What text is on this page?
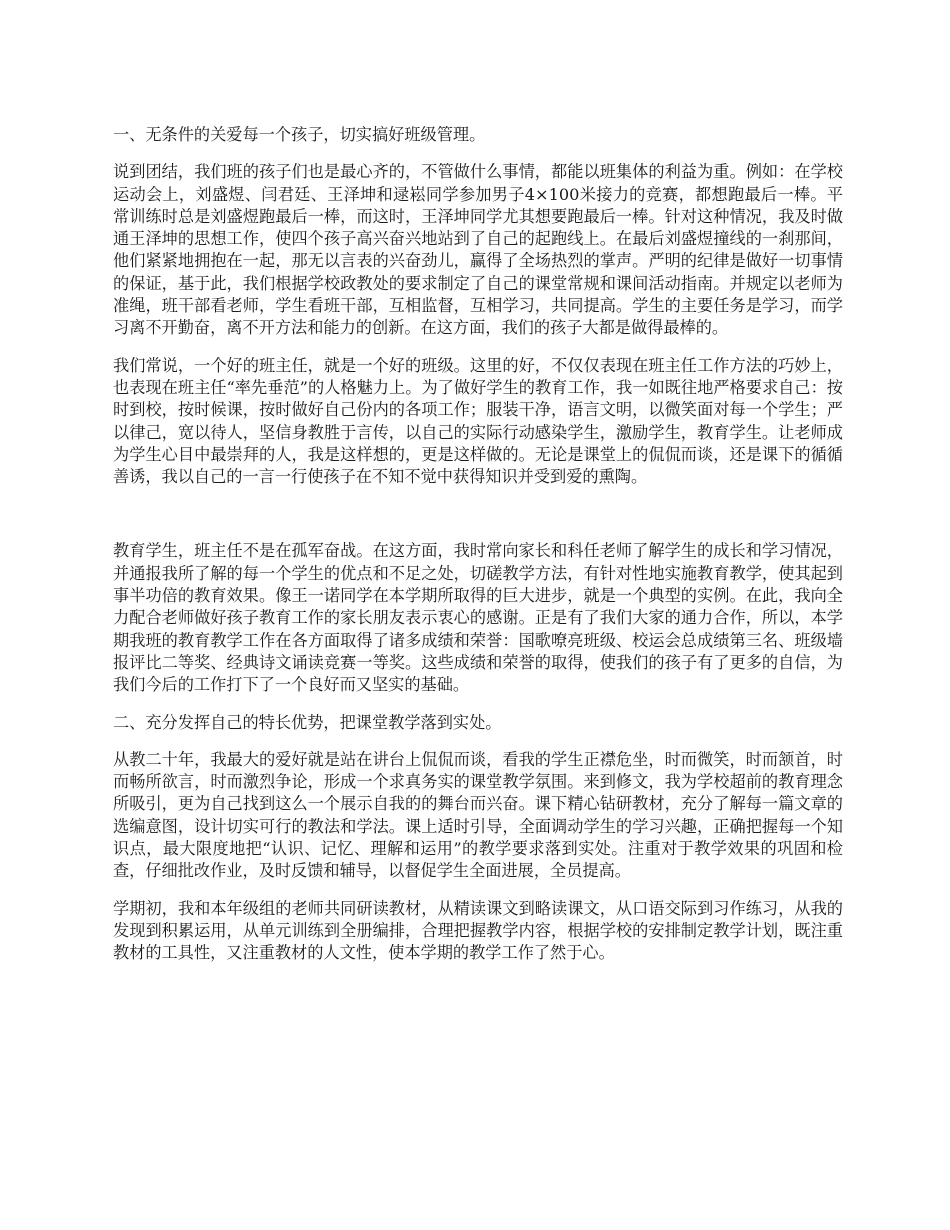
一、无条件的关爱每一个孩子，切实搞好班级管理。

说到团结，我们班的孩子们也是最心齐的，不管做什么事情，都能以班集体的利益为重。例如：在学校运动会上，刘盛煜、闫君廷、王泽坤和逯崧同学参加男子4×100米接力的竞赛，都想跑最后一棒。平常训练时总是刘盛煜跑最后一棒，而这时，王泽坤同学尤其想要跑最后一棒。针对这种情况，我及时做通王泽坤的思想工作，使四个孩子高兴奋兴地站到了自己的起跑线上。在最后刘盛煜撞线的一刹那间，他们紧紧地拥抱在一起，那无以言表的兴奋劲儿，赢得了全场热烈的掌声。严明的纪律是做好一切事情的保证，基于此，我们根据学校政教处的要求制定了自己的课堂常规和课间活动指南。并规定以老师为准绳，班干部看老师，学生看班干部，互相监督，互相学习，共同提高。学生的主要任务是学习，而学习离不开勤奋，离不开方法和能力的创新。在这方面，我们的孩子大都是做得最棒的。

我们常说，一个好的班主任，就是一个好的班级。这里的好，不仅仅表现在班主任工作方法的巧妙上，也表现在班主任“率先垂范”的人格魅力上。为了做好学生的教育工作，我一如既往地严格要求自己：按时到校，按时候课，按时做好自己份内的各项工作；服装干净，语言文明，以微笑面对每一个学生；严以律己，宽以待人，坚信身教胜于言传，以自己的实际行动感染学生，激励学生，教育学生。让老师成为学生心目中最崇拜的人，我是这样想的，更是这样做的。无论是课堂上的侃侃而谈，还是课下的循循善诱，我以自己的一言一行使孩子在不知不觉中获得知识并受到爱的熏陶。

教育学生，班主任不是在孤军奋战。在这方面，我时常向家长和科任老师了解学生的成长和学习情况，并通报我所了解的每一个学生的优点和不足之处，切磋教学方法，有针对性地实施教育教学，使其起到事半功倍的教育效果。像王一诺同学在本学期所取得的巨大进步，就是一个典型的实例。在此，我向全力配合老师做好孩子教育工作的家长朋友表示衷心的感谢。正是有了我们大家的通力合作，所以，本学期我班的教育教学工作在各方面取得了诸多成绩和荣誉：国歌嘹亮班级、校运会总成绩第三名、班级墙报评比二等奖、经典诗文诵读竞赛一等奖。这些成绩和荣誉的取得，使我们的孩子有了更多的自信，为我们今后的工作打下了一个良好而又坚实的基础。

二、充分发挥自己的特长优势，把课堂教学落到实处。

从教二十年，我最大的爱好就是站在讲台上侃侃而谈，看我的学生正襟危坐，时而微笑，时而颔首，时而畅所欲言，时而激烈争论，形成一个求真务实的课堂教学氛围。来到修文，我为学校超前的教育理念所吸引，更为自己找到这么一个展示自我的的舞台而兴奋。课下精心钻研教材，充分了解每一篇文章的选编意图，设计切实可行的教法和学法。课上适时引导，全面调动学生的学习兴趣，正确把握每一个知识点，最大限度地把“认识、记忆、理解和运用”的教学要求落到实处。注重对于教学效果的巩固和检查，仔细批改作业，及时反馈和辅导，以督促学生全面进展，全员提高。

学期初，我和本年级组的老师共同研读教材，从精读课文到略读课文，从口语交际到习作练习，从我的发现到积累运用，从单元训练到全册编排，合理把握教学内容，根据学校的安排制定教学计划，既注重教材的工具性，又注重教材的人文性，使本学期的教学工作了然于心。
